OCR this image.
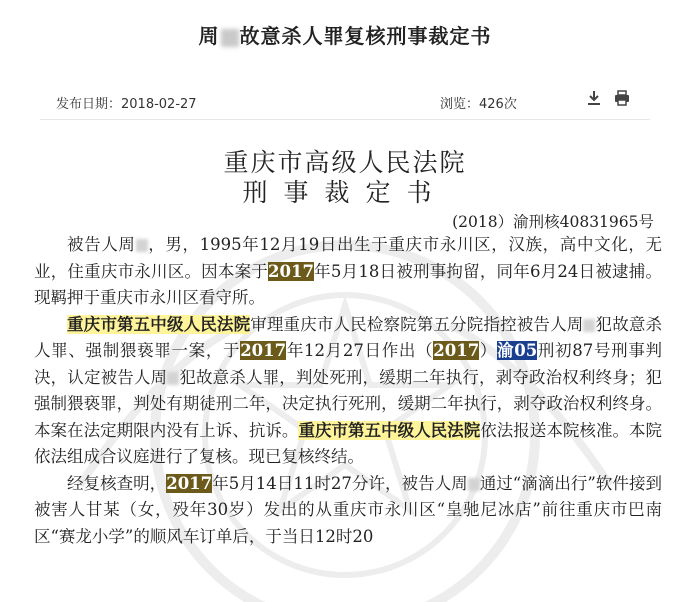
周 故意杀人罪复核刑事裁定书
发布日期：2018-02-27	浏览：426次
重庆市高级人民法院
刑事裁定书
(2018）渝刑核40831965号

被告人周 ，男，1995年12月19日出生于重庆市永川区，汉族，高中文化，无业，住重庆市永川区。因本案于2017年5月18日被刑事拘留，同年6月24日被逮捕。现羁押于重庆市永川区看守所。

重庆市第五中级人民法院审理重庆市人民检察院第五分院指控被告人周 犯故意杀人罪、强制猥亵罪一案，于2017年12月27日作出（2017）渝05刑初87号刑事判决，认定被告人周 犯故意杀人罪，判处死刑，缓期二年执行，剥夺政治权利终身；犯强制猥亵罪，判处有期徒刑二年，决定执行死刑，缓期二年执行，剥夺政治权利终身。本案在法定期限内没有上诉、抗诉。重庆市第五中级人民法院依法报送本院核准。本院依法组成合议庭进行了复核。现已复核终结。

经复核查明，2017年5月14日11时27分许，被告人周 通过“滴滴出行”软件接到被害人甘某（女，殁年30岁）发出的从重庆市永川区“皇驰尼冰店”前往重庆市巴南区“赛龙小学”的顺风车订单后，于当日12时20
